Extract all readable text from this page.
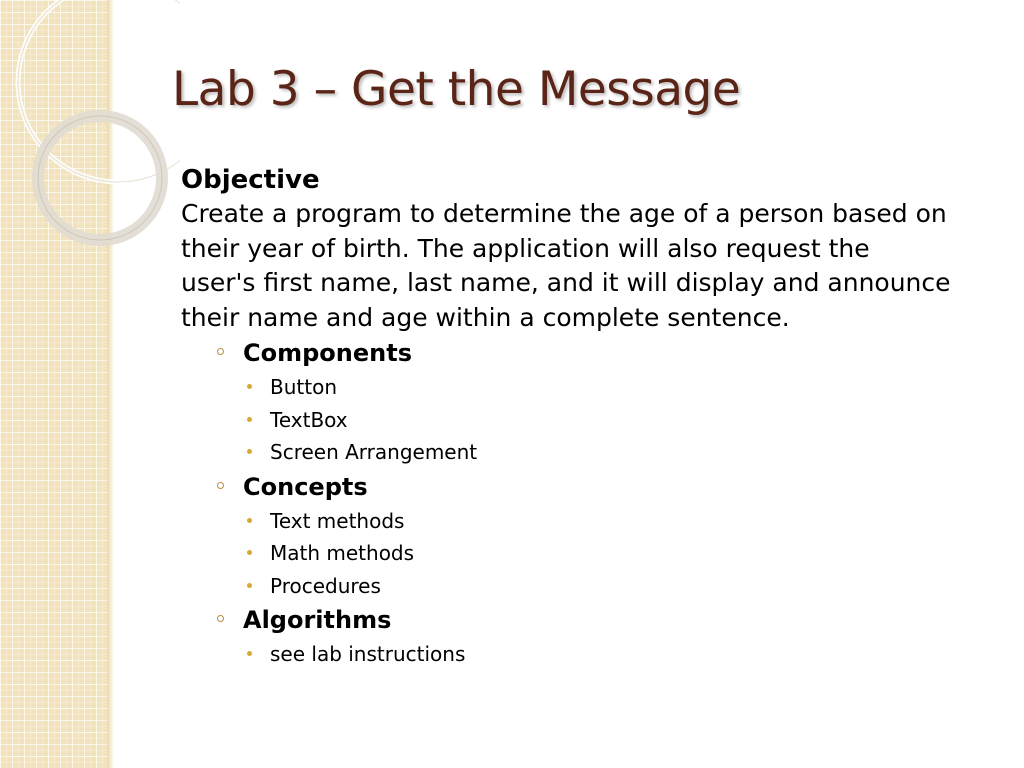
Lab 3 – Get the Message
Objective
Create a program to determine the age of a person based on their year of birth. The application will also request the user's first name, last name, and it will display and announce their name and age within a complete sentence.
Components
Button
TextBox
Screen Arrangement
Concepts
Text methods
Math methods
Procedures
Algorithms
see lab instructions
